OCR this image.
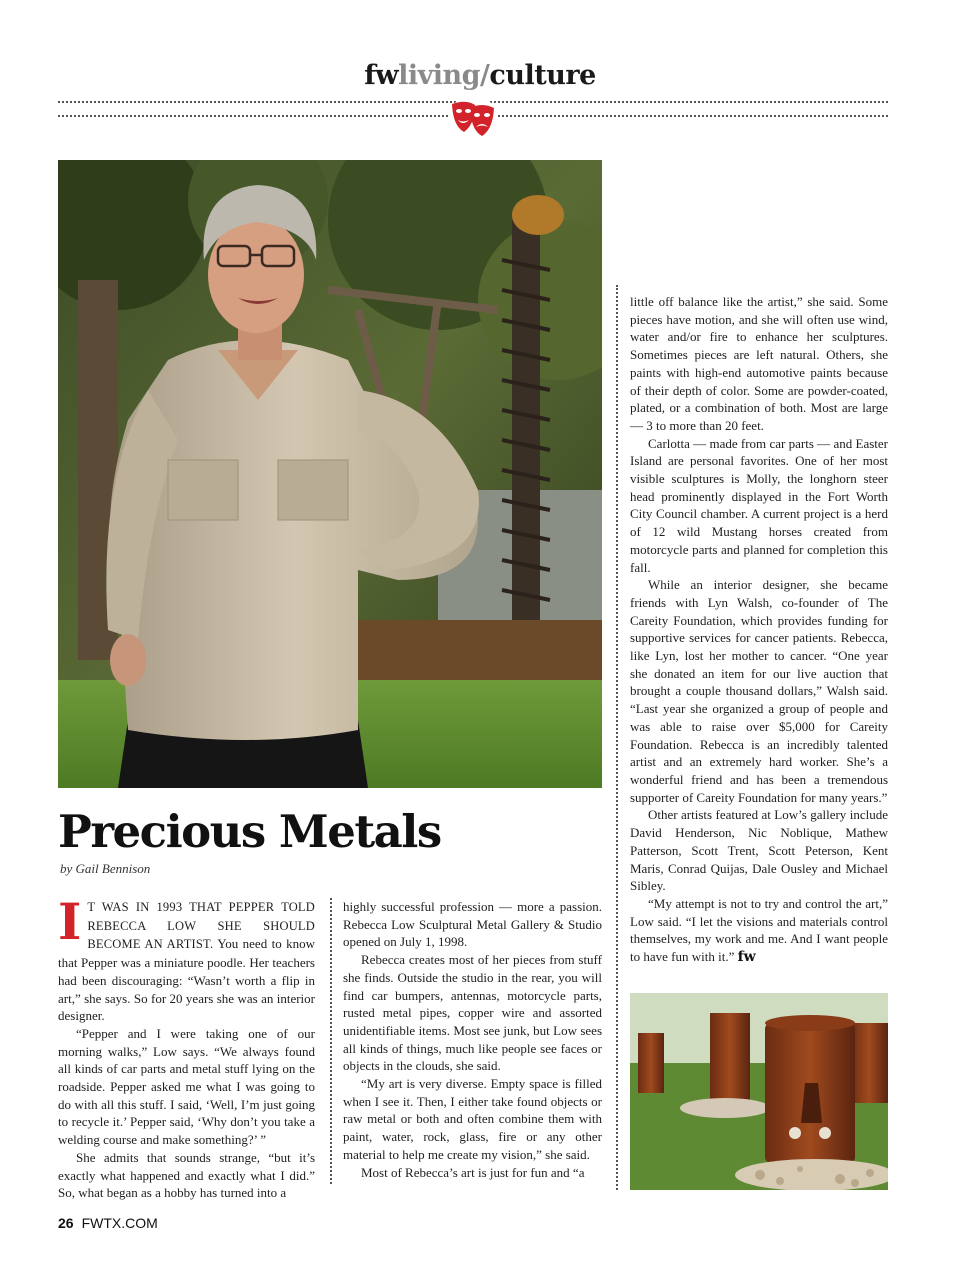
fwliving/culture
Precious Metals
by Gail Bennison

I T WAS IN 1993 THAT PEPPER TOLD REBECCA LOW SHE SHOULD BECOME AN ARTIST. You need to know that Pepper was a miniature poodle. Her teachers had been discouraging: “Wasn’t worth a flip in art,” she says. So for 20 years she was an interior designer.

“Pepper and I were taking one of our morning walks,” Low says. “We always found all kinds of car parts and metal stuff lying on the roadside. Pepper asked me what I was going to do with all this stuff. I said, ‘Well, I’m just going to recycle it.’ Pepper said, ‘Why don’t you take a welding course and make something?’ ”

She admits that sounds strange, “but it’s exactly what happened and exactly what I did.” So, what began as a hobby has turned into a

highly successful profession — more a passion. Rebecca Low Sculptural Metal Gallery & Studio opened on July 1, 1998.

Rebecca creates most of her pieces from stuff she finds. Outside the studio in the rear, you will find car bumpers, antennas, motorcycle parts, rusted metal pipes, copper wire and assorted unidentifiable items. Most see junk, but Low sees all kinds of things, much like people see faces or objects in the clouds, she said.

“My art is very diverse. Empty space is filled when I see it. Then, I either take found objects or raw metal or both and often combine them with paint, water, rock, glass, fire or any other material to help me create my vision,” she said.

Most of Rebecca’s art is just for fun and “a

little off balance like the artist,” she said. Some pieces have motion, and she will often use wind, water and/or fire to enhance her sculptures. Sometimes pieces are left natural. Others, she paints with high-end automotive paints because of their depth of color. Some are powder-coated, plated, or a combination of both. Most are large — 3 to more than 20 feet.

Carlotta — made from car parts — and Easter Island are personal favorites. One of her most visible sculptures is Molly, the longhorn steer head prominently displayed in the Fort Worth City Council chamber. A current project is a herd of 12 wild Mustang horses created from motorcycle parts and planned for completion this fall.

While an interior designer, she became friends with Lyn Walsh, co-founder of The Careity Foundation, which provides funding for supportive services for cancer patients. Rebecca, like Lyn, lost her mother to cancer. “One year she donated an item for our live auction that brought a couple thousand dollars,” Walsh said. “Last year she organized a group of people and was able to raise over $5,000 for Careity Foundation. Rebecca is an incredibly talented artist and an extremely hard worker. She’s a wonderful friend and has been a tremendous supporter of Careity Foundation for many years.”

Other artists featured at Low’s gallery include David Henderson, Nic Noblique, Mathew Patterson, Scott Trent, Scott Peterson, Kent Maris, Conrad Quijas, Dale Ousley and Michael Sibley.

“My attempt is not to try and control the art,” Low said. “I let the visions and materials control themselves, my work and me. And I want people to have fun with it.” fw

26 FWTX.COM
